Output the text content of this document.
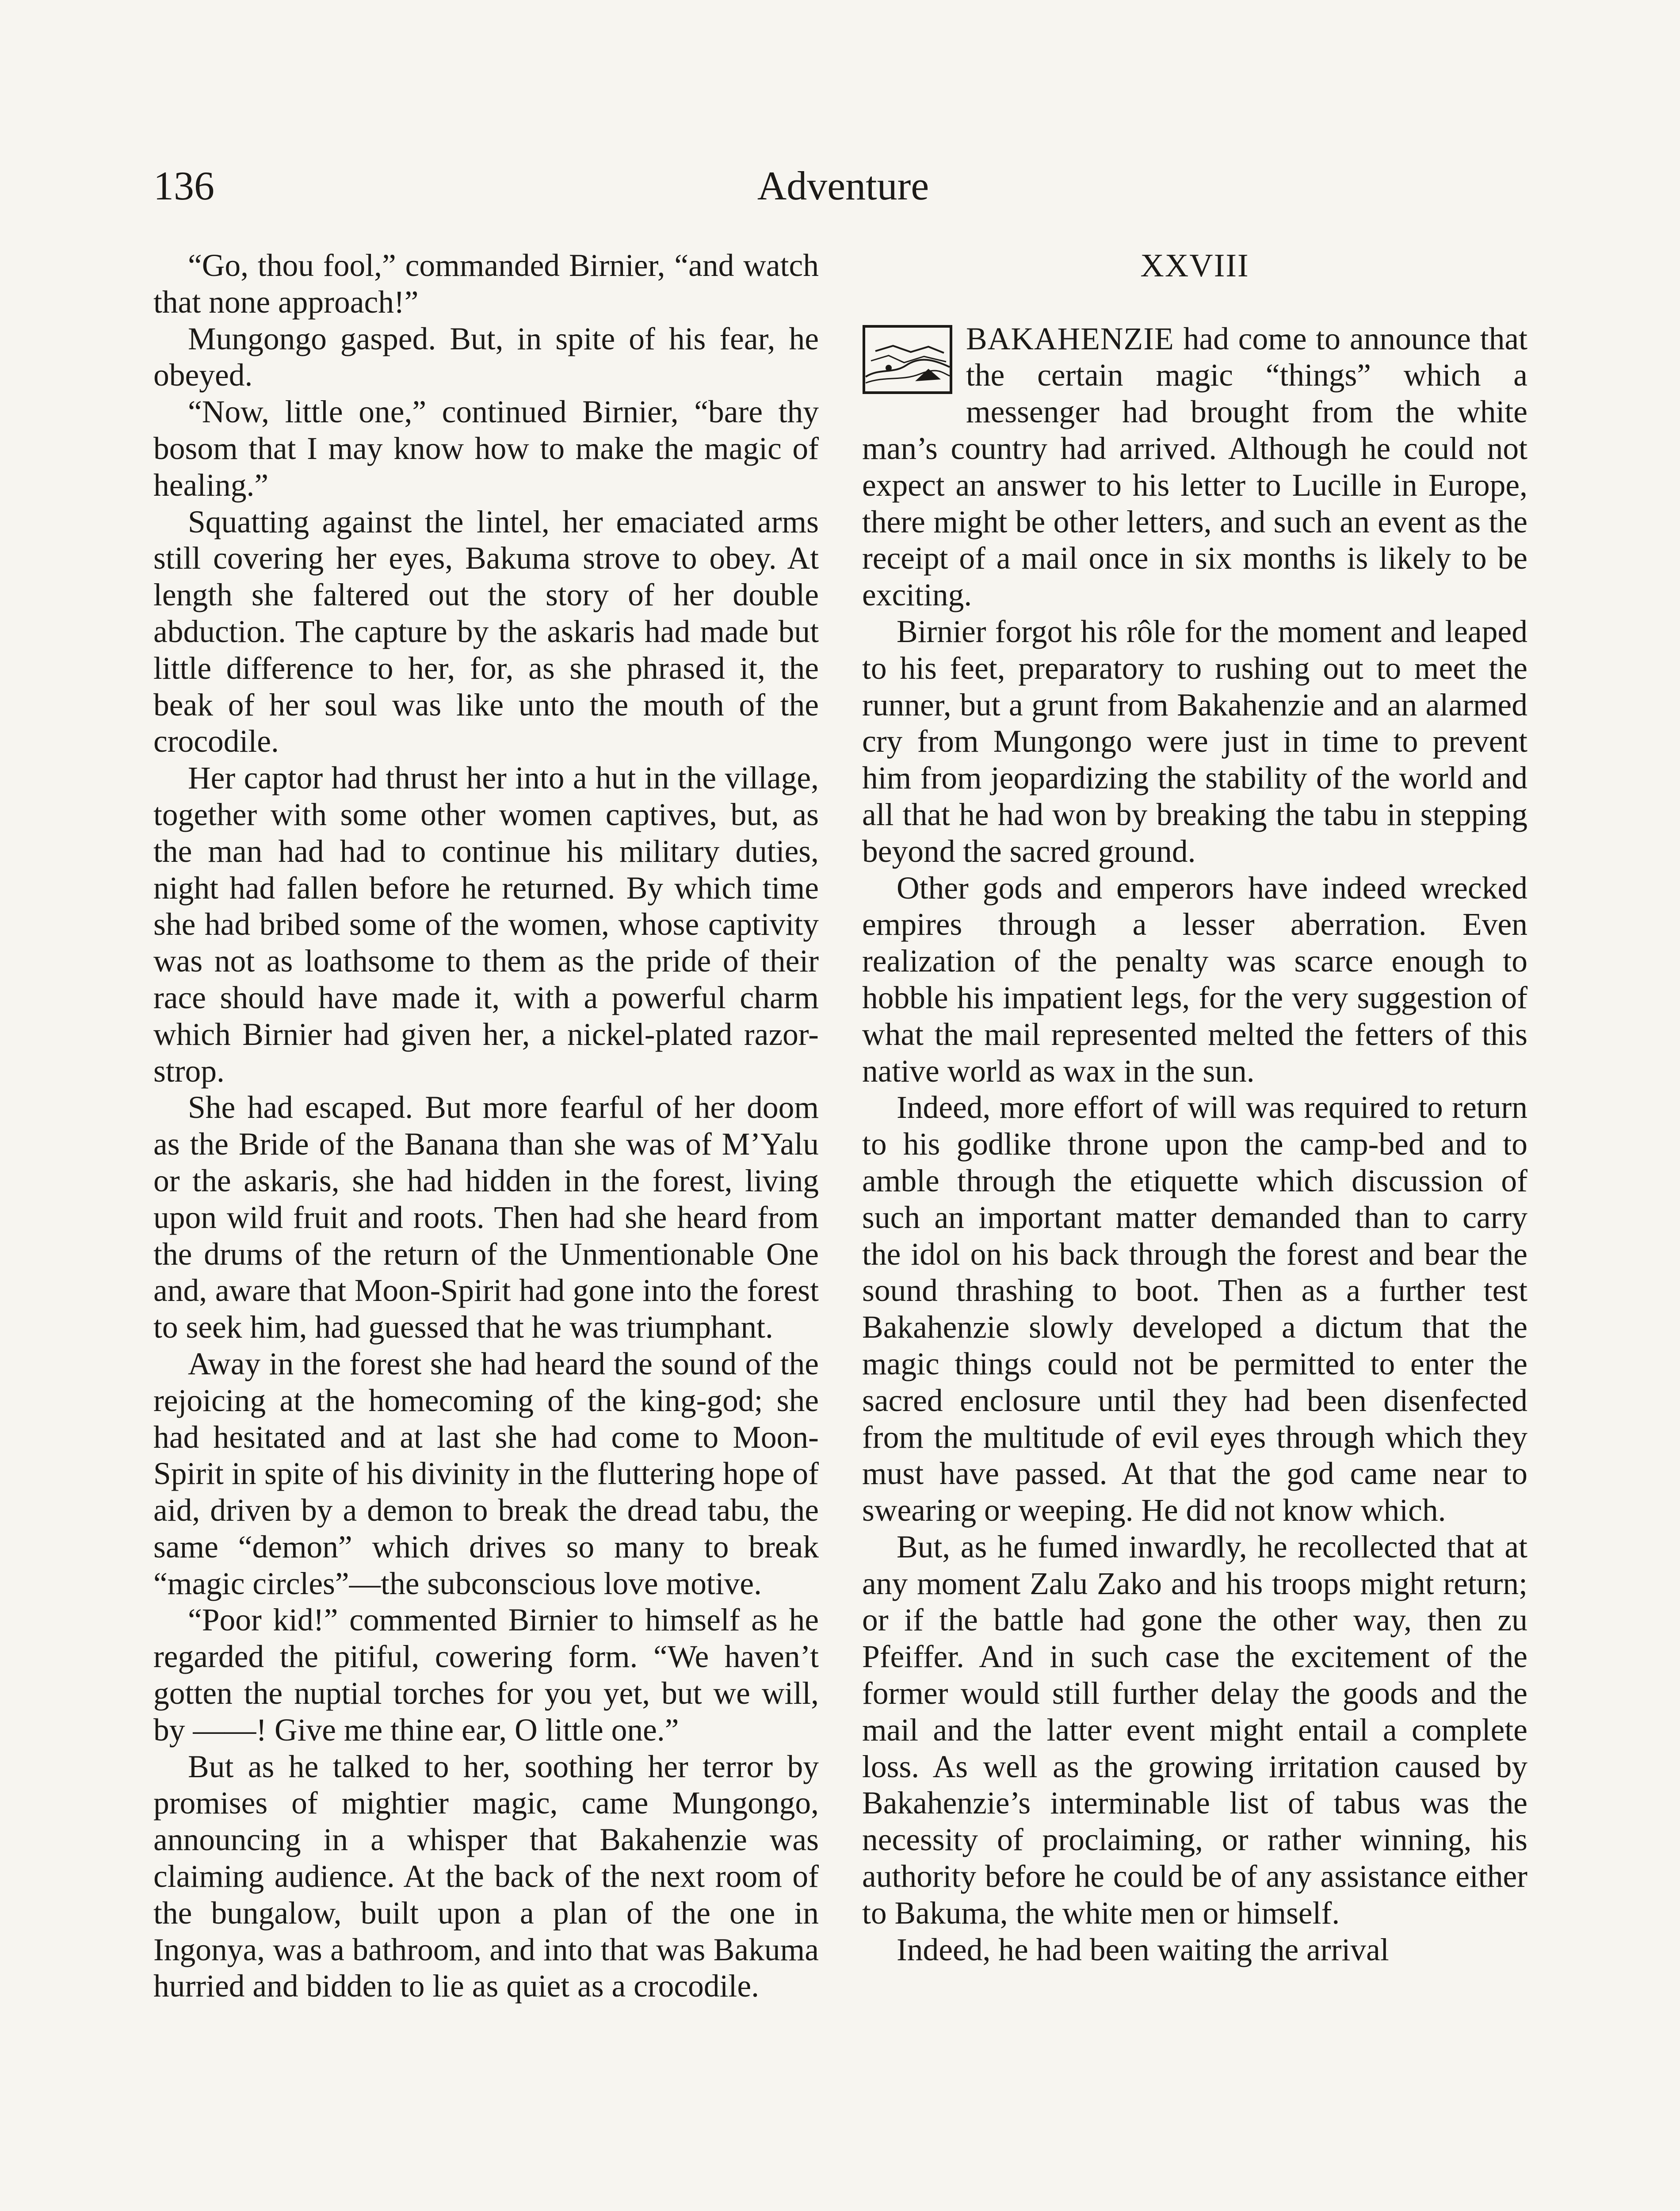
136	Adventure

“Go, thou fool,” commanded Birnier, “and watch that none approach!”

Mungongo gasped. But, in spite of his fear, he obeyed.

“Now, little one,” continued Birnier, “bare thy bosom that I may know how to make the magic of healing.”

Squatting against the lintel, her emaciated arms still covering her eyes, Bakuma strove to obey. At length she faltered out the story of her double abduction. The capture by the askaris had made but little difference to her, for, as she phrased it, the beak of her soul was like unto the mouth of the crocodile.

Her captor had thrust her into a hut in the village, together with some other women captives, but, as the man had had to continue his military duties, night had fallen before he returned. By which time she had bribed some of the women, whose captivity was not as loathsome to them as the pride of their race should have made it, with a powerful charm which Birnier had given her, a nickel-plated razor-strop.

She had escaped. But more fearful of her doom as the Bride of the Banana than she was of M’Yalu or the askaris, she had hidden in the forest, living upon wild fruit and roots. Then had she heard from the drums of the return of the Unmentionable One and, aware that Moon-Spirit had gone into the forest to seek him, had guessed that he was triumphant.

Away in the forest she had heard the sound of the rejoicing at the homecoming of the king-god; she had hesitated and at last she had come to Moon-Spirit in spite of his divinity in the fluttering hope of aid, driven by a demon to break the dread tabu, the same “demon” which drives so many to break “magic circles”—the subconscious love motive.

“Poor kid!” commented Birnier to himself as he regarded the pitiful, cowering form. “We haven’t gotten the nuptial torches for you yet, but we will, by ——! Give me thine ear, O little one.”

But as he talked to her, soothing her terror by promises of mightier magic, came Mungongo, announcing in a whisper that Bakahenzie was claiming audience. At the back of the next room of the bungalow, built upon a plan of the one in Ingonya, was a bathroom, and into that was Bakuma hurried and bidden to lie as quiet as a crocodile.

XXVIII

BAKAHENZIE had come to announce that the certain magic “things” which a messenger had brought from the white man’s country had arrived. Although he could not expect an answer to his letter to Lucille in Europe, there might be other letters, and such an event as the receipt of a mail once in six months is likely to be exciting.

Birnier forgot his rôle for the moment and leaped to his feet, preparatory to rushing out to meet the runner, but a grunt from Bakahenzie and an alarmed cry from Mungongo were just in time to prevent him from jeopardizing the stability of the world and all that he had won by breaking the tabu in stepping beyond the sacred ground.

Other gods and emperors have indeed wrecked empires through a lesser aberration. Even realization of the penalty was scarce enough to hobble his impatient legs, for the very suggestion of what the mail represented melted the fetters of this native world as wax in the sun.

Indeed, more effort of will was required to return to his godlike throne upon the camp-bed and to amble through the etiquette which discussion of such an important matter demanded than to carry the idol on his back through the forest and bear the sound thrashing to boot. Then as a further test Bakahenzie slowly developed a dictum that the magic things could not be permitted to enter the sacred enclosure until they had been disenfected from the multitude of evil eyes through which they must have passed. At that the god came near to swearing or weeping. He did not know which.

But, as he fumed inwardly, he recollected that at any moment Zalu Zako and his troops might return; or if the battle had gone the other way, then zu Pfeiffer. And in such case the excitement of the former would still further delay the goods and the mail and the latter event might entail a complete loss. As well as the growing irritation caused by Bakahenzie’s interminable list of tabus was the necessity of proclaiming, or rather winning, his authority before he could be of any assistance either to Bakuma, the white men or himself.

Indeed, he had been waiting the arrival
